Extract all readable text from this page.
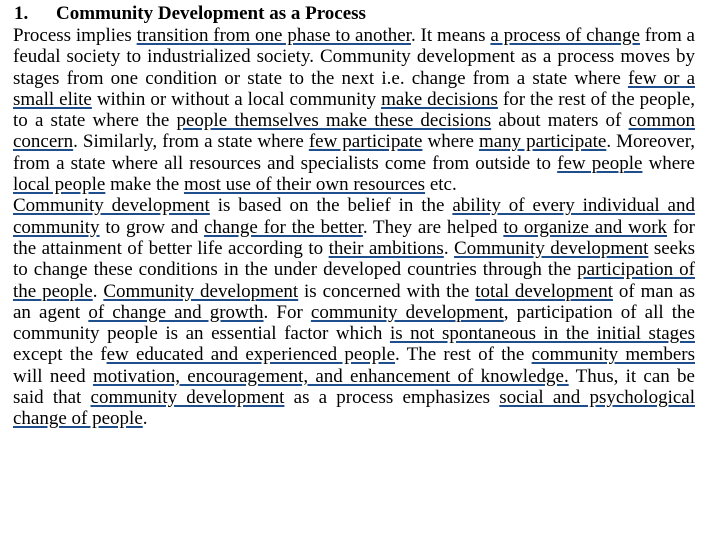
1. Community Development as a Process

Process implies transition from one phase to another. It means a process of change from a feudal society to industrialized society. Community development as a process moves by stages from one condition or state to the next i.e. change from a state where few or a small elite within or without a local community make decisions for the rest of the people, to a state where the people themselves make these decisions about maters of common concern. Similarly, from a state where few participate where many participate. Moreover, from a state where all resources and specialists come from outside to few people where local people make the most use of their own resources etc.

Community development is based on the belief in the ability of every individual and community to grow and change for the better. They are helped to organize and work for the attainment of better life according to their ambitions. Community development seeks to change these conditions in the under developed countries through the participation of the people. Community development is concerned with the total development of man as an agent of change and growth. For community development, participation of all the community people is an essential factor which is not spontaneous in the initial stages except the few educated and experienced people. The rest of the community members will need motivation, encouragement, and enhancement of knowledge. Thus, it can be said that community development as a process emphasizes social and psychological change of people.
